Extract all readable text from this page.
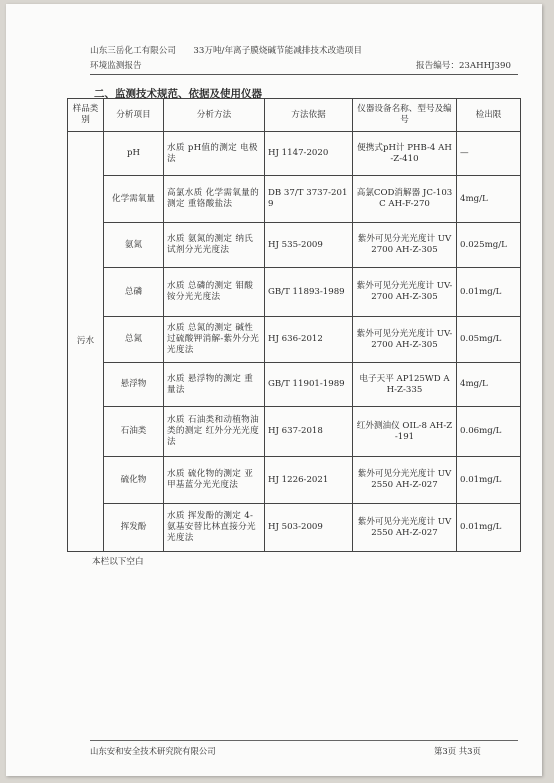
山东三岳化工有限公司 33万吨/年离子膜烧碱节能减排技术改造项目
环境监测报告	报告编号：23AHHJ390
二、监测技术规范、依据及使用仪器
样品类别	分析项目	分析方法	方法依据	仪器设备名称、型号及编号	检出限
污水	pH	水质 pH值的测定 电极法	HJ 1147-2020	便携式pH计 PHB-4 AH-Z-410	—
	化学需氧量	高氯水质 化学需氧量的测定 重铬酸盐法	DB 37/T 3737-2019	高氯COD消解器 JC-103C AH-F-270	4mg/L
	氨氮	水质 氨氮的测定 纳氏试剂分光光度法	HJ 535-2009	紫外可见分光光度计 UV2700 AH-Z-305	0.025mg/L
	总磷	水质 总磷的测定 钼酸铵分光光度法	GB/T 11893-1989	紫外可见分光光度计 UV-2700 AH-Z-305	0.01mg/L
	总氮	水质 总氮的测定 碱性过硫酸钾消解-紫外分光光度法	HJ 636-2012	紫外可见分光光度计 UV-2700 AH-Z-305	0.05mg/L
	悬浮物	水质 悬浮物的测定 重量法	GB/T 11901-1989	电子天平 AP125WD AH-Z-335	4mg/L
	石油类	水质 石油类和动植物油类的测定 红外分光光度法	HJ 637-2018	红外测油仪 OIL-8 AH-Z-191	0.06mg/L
	硫化物	水质 硫化物的测定 亚甲基蓝分光光度法	HJ 1226-2021	紫外可见分光光度计 UV2550 AH-Z-027	0.01mg/L
	挥发酚	水质 挥发酚的测定 4-氨基安替比林直接分光光度法	HJ 503-2009	紫外可见分光光度计 UV2550 AH-Z-027	0.01mg/L
本栏以下空白
山东安和安全技术研究院有限公司	第3页 共3页
